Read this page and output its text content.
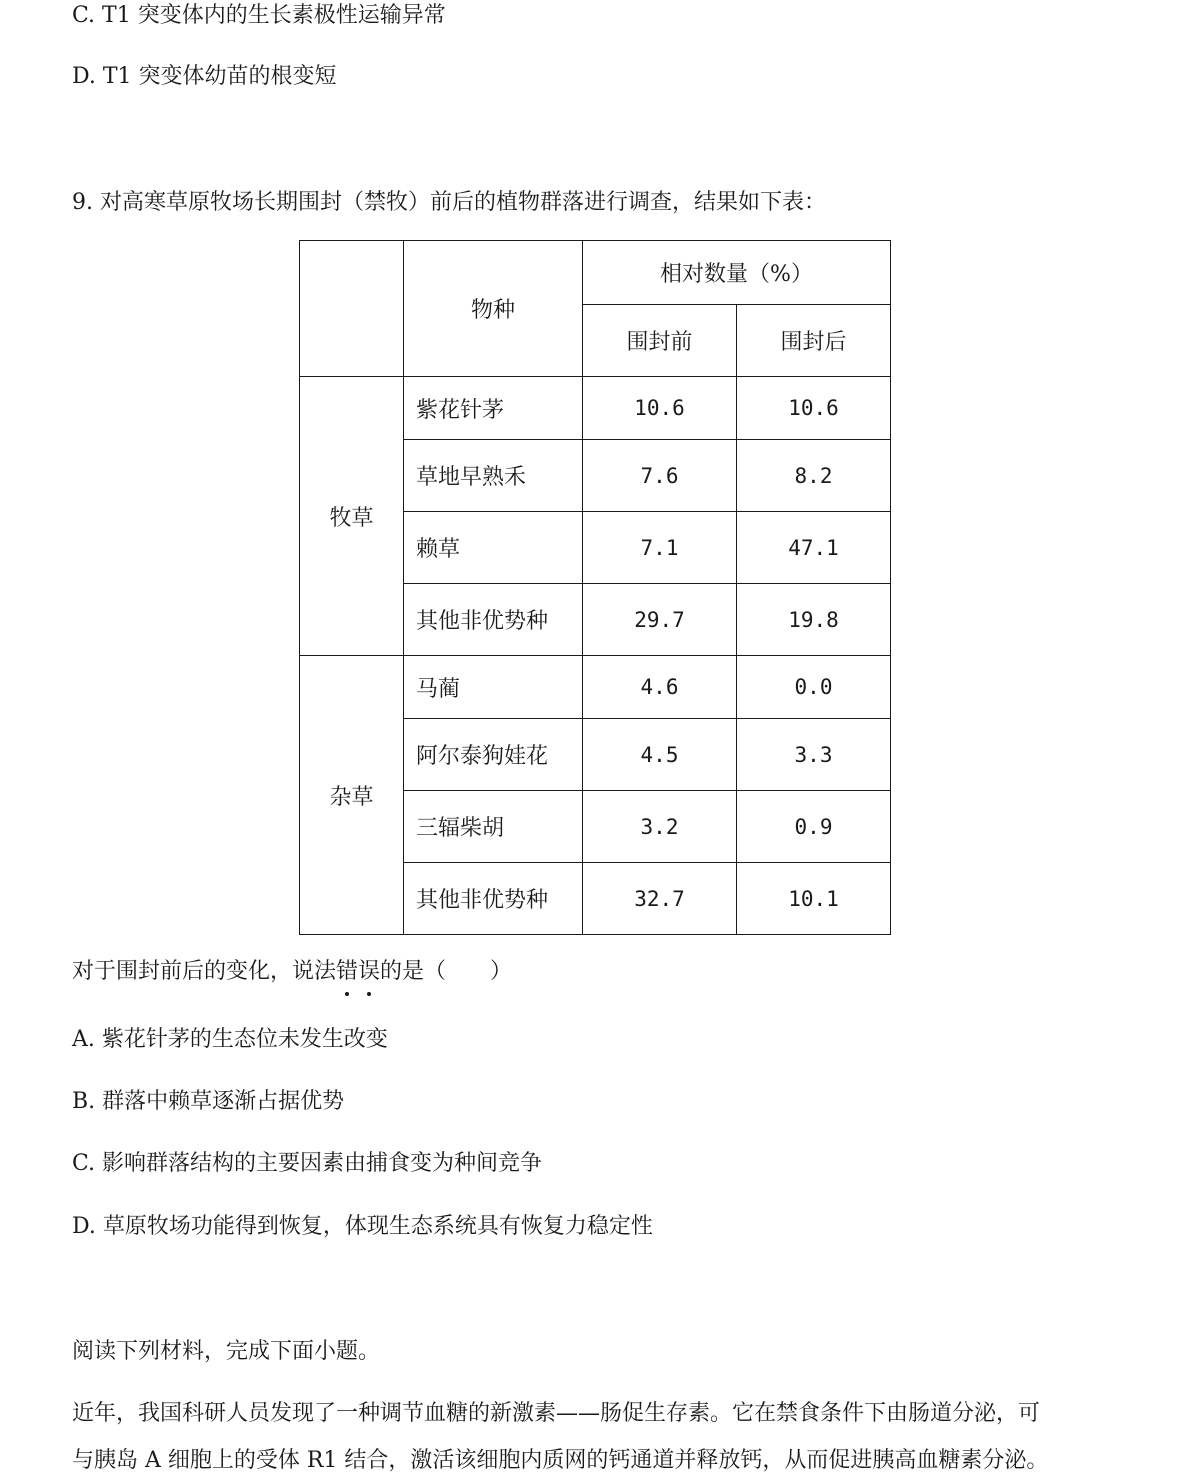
C. T1 突变体内的生长素极性运输异常
D. T1 突变体幼苗的根变短
9. 对高寒草原牧场长期围封（禁牧）前后的植物群落进行调查，结果如下表：
	物种	相对数量（%）	
		围封前	围封后
牧草	紫花针茅	10.6	10.6
	草地早熟禾	7.6	8.2
	赖草	7.1	47.1
	其他非优势种	29.7	19.8
杂草	马蔺	4.6	0.0
	阿尔泰狗娃花	4.5	3.3
	三辐柴胡	3.2	0.9
	其他非优势种	32.7	10.1
对于围封前后的变化，说法错误的是（　　）
A. 紫花针茅的生态位未发生改变
B. 群落中赖草逐渐占据优势
C. 影响群落结构的主要因素由捕食变为种间竞争
D. 草原牧场功能得到恢复，体现生态系统具有恢复力稳定性
阅读下列材料，完成下面小题。
近年，我国科研人员发现了一种调节血糖的新激素——肠促生存素。它在禁食条件下由肠道分泌，可
与胰岛 A 细胞上的受体 R1 结合，激活该细胞内质网的钙通道并释放钙，从而促进胰高血糖素分泌。
